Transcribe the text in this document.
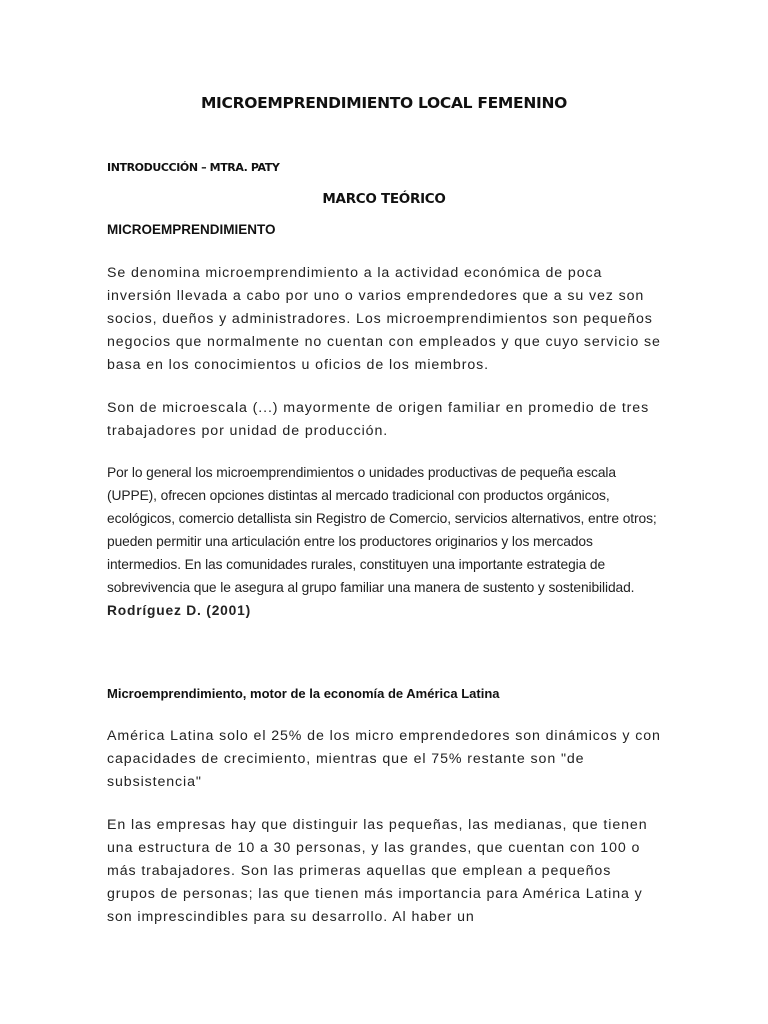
MICROEMPRENDIMIENTO LOCAL FEMENINO

INTRODUCCIÓN – MTRA. PATY

MARCO TEÓRICO
MICROEMPRENDIMIENTO

Se denomina microemprendimiento a la actividad económica de poca inversión llevada a cabo por uno o varios emprendedores que a su vez son socios, dueños y administradores. Los microemprendimientos son pequeños negocios que normalmente no cuentan con empleados y que cuyo servicio se basa en los conocimientos u oficios de los miembros.

Son de microescala (...) mayormente de origen familiar en promedio de tres trabajadores por unidad de producción.

Por lo general los microemprendimientos o unidades productivas de pequeña escala (UPPE), ofrecen opciones distintas al mercado tradicional con productos orgánicos, ecológicos, comercio detallista sin Registro de Comercio, servicios alternativos, entre otros; pueden permitir una articulación entre los productores originarios y los mercados intermedios. En las comunidades rurales, constituyen una importante estrategia de sobrevivencia que le asegura al grupo familiar una manera de sustento y sostenibilidad. Rodríguez D. (2001)

Microemprendimiento, motor de la economía de América Latina

América Latina solo el 25% de los micro emprendedores son dinámicos y con capacidades de crecimiento, mientras que el 75% restante son "de subsistencia"

En las empresas hay que distinguir las pequeñas, las medianas, que tienen una estructura de 10 a 30 personas, y las grandes, que cuentan con 100 o más trabajadores. Son las primeras aquellas que emplean a pequeños grupos de personas; las que tienen más importancia para América Latina y son imprescindibles para su desarrollo. Al haber un
